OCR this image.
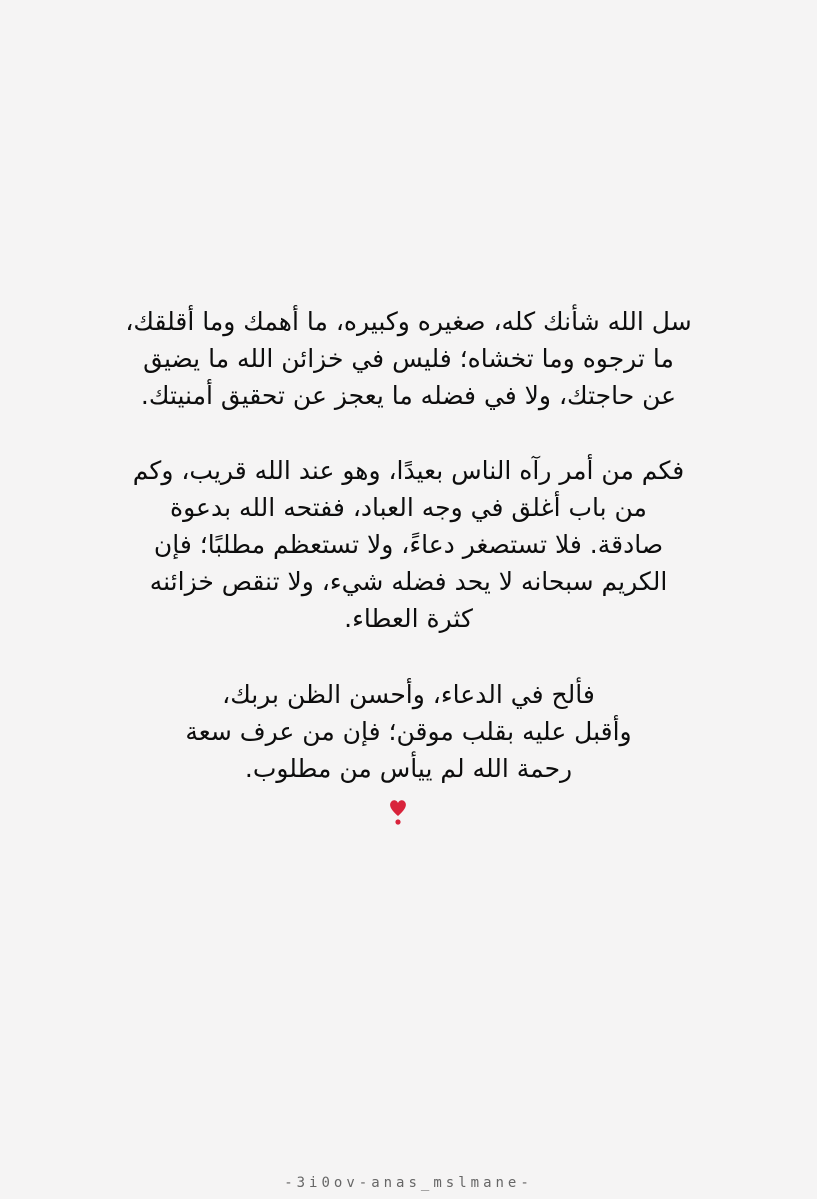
سل الله شأنك كله، صغيره وكبيره، ما أهمك وما أقلقك،
ما ترجوه وما تخشاه؛ فليس في خزائن الله ما يضيق
عن حاجتك، ولا في فضله ما يعجز عن تحقيق أمنيتك.
فكم من أمر رآه الناس بعيدًا، وهو عند الله قريب، وكم
من باب أغلق في وجه العباد، ففتحه الله بدعوة
صادقة. فلا تستصغر دعاءً، ولا تستعظم مطلبًا؛ فإن
الكريم سبحانه لا يحد فضله شيء، ولا تنقص خزائنه
كثرة العطاء.
فألح في الدعاء، وأحسن الظن بربك،
وأقبل عليه بقلب موقن؛ فإن من عرف سعة
رحمة الله لم ييأس من مطلوب.
-3i0ov-anas_mslmane-
